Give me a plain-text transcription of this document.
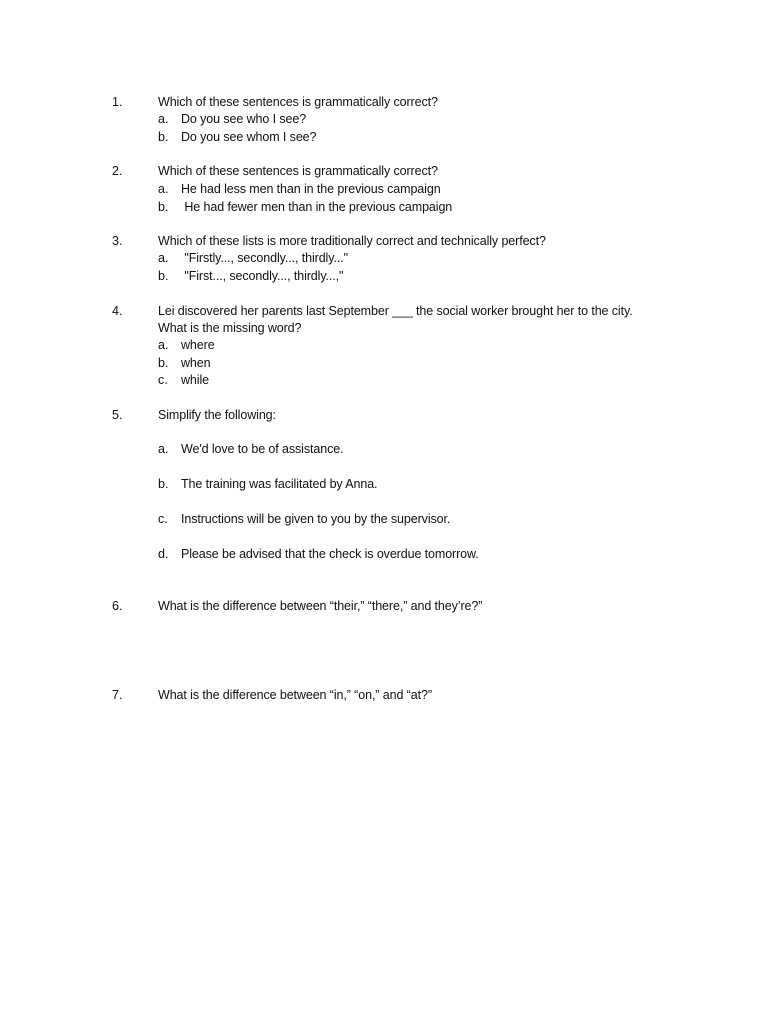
1.	Which of these sentences is grammatically correct?
a. Do you see who I see?
b. Do you see whom I see?
2.	Which of these sentences is grammatically correct?
a. He had less men than in the previous campaign
b. He had fewer men than in the previous campaign
3.	Which of these lists is more traditionally correct and technically perfect?
a. "Firstly..., secondly..., thirdly..."
b. "First..., secondly..., thirdly...,"
4.	Lei discovered her parents last September ___ the social worker brought her to the city.
What is the missing word?
a. where
b. when
c. while
5.	Simplify the following:
a. We'd love to be of assistance.
b. The training was facilitated by Anna.
c. Instructions will be given to you by the supervisor.
d. Please be advised that the check is overdue tomorrow.
6.	What is the difference between “their,” “there,” and they’re?”
7.	What is the difference between “in,” “on,” and “at?”
